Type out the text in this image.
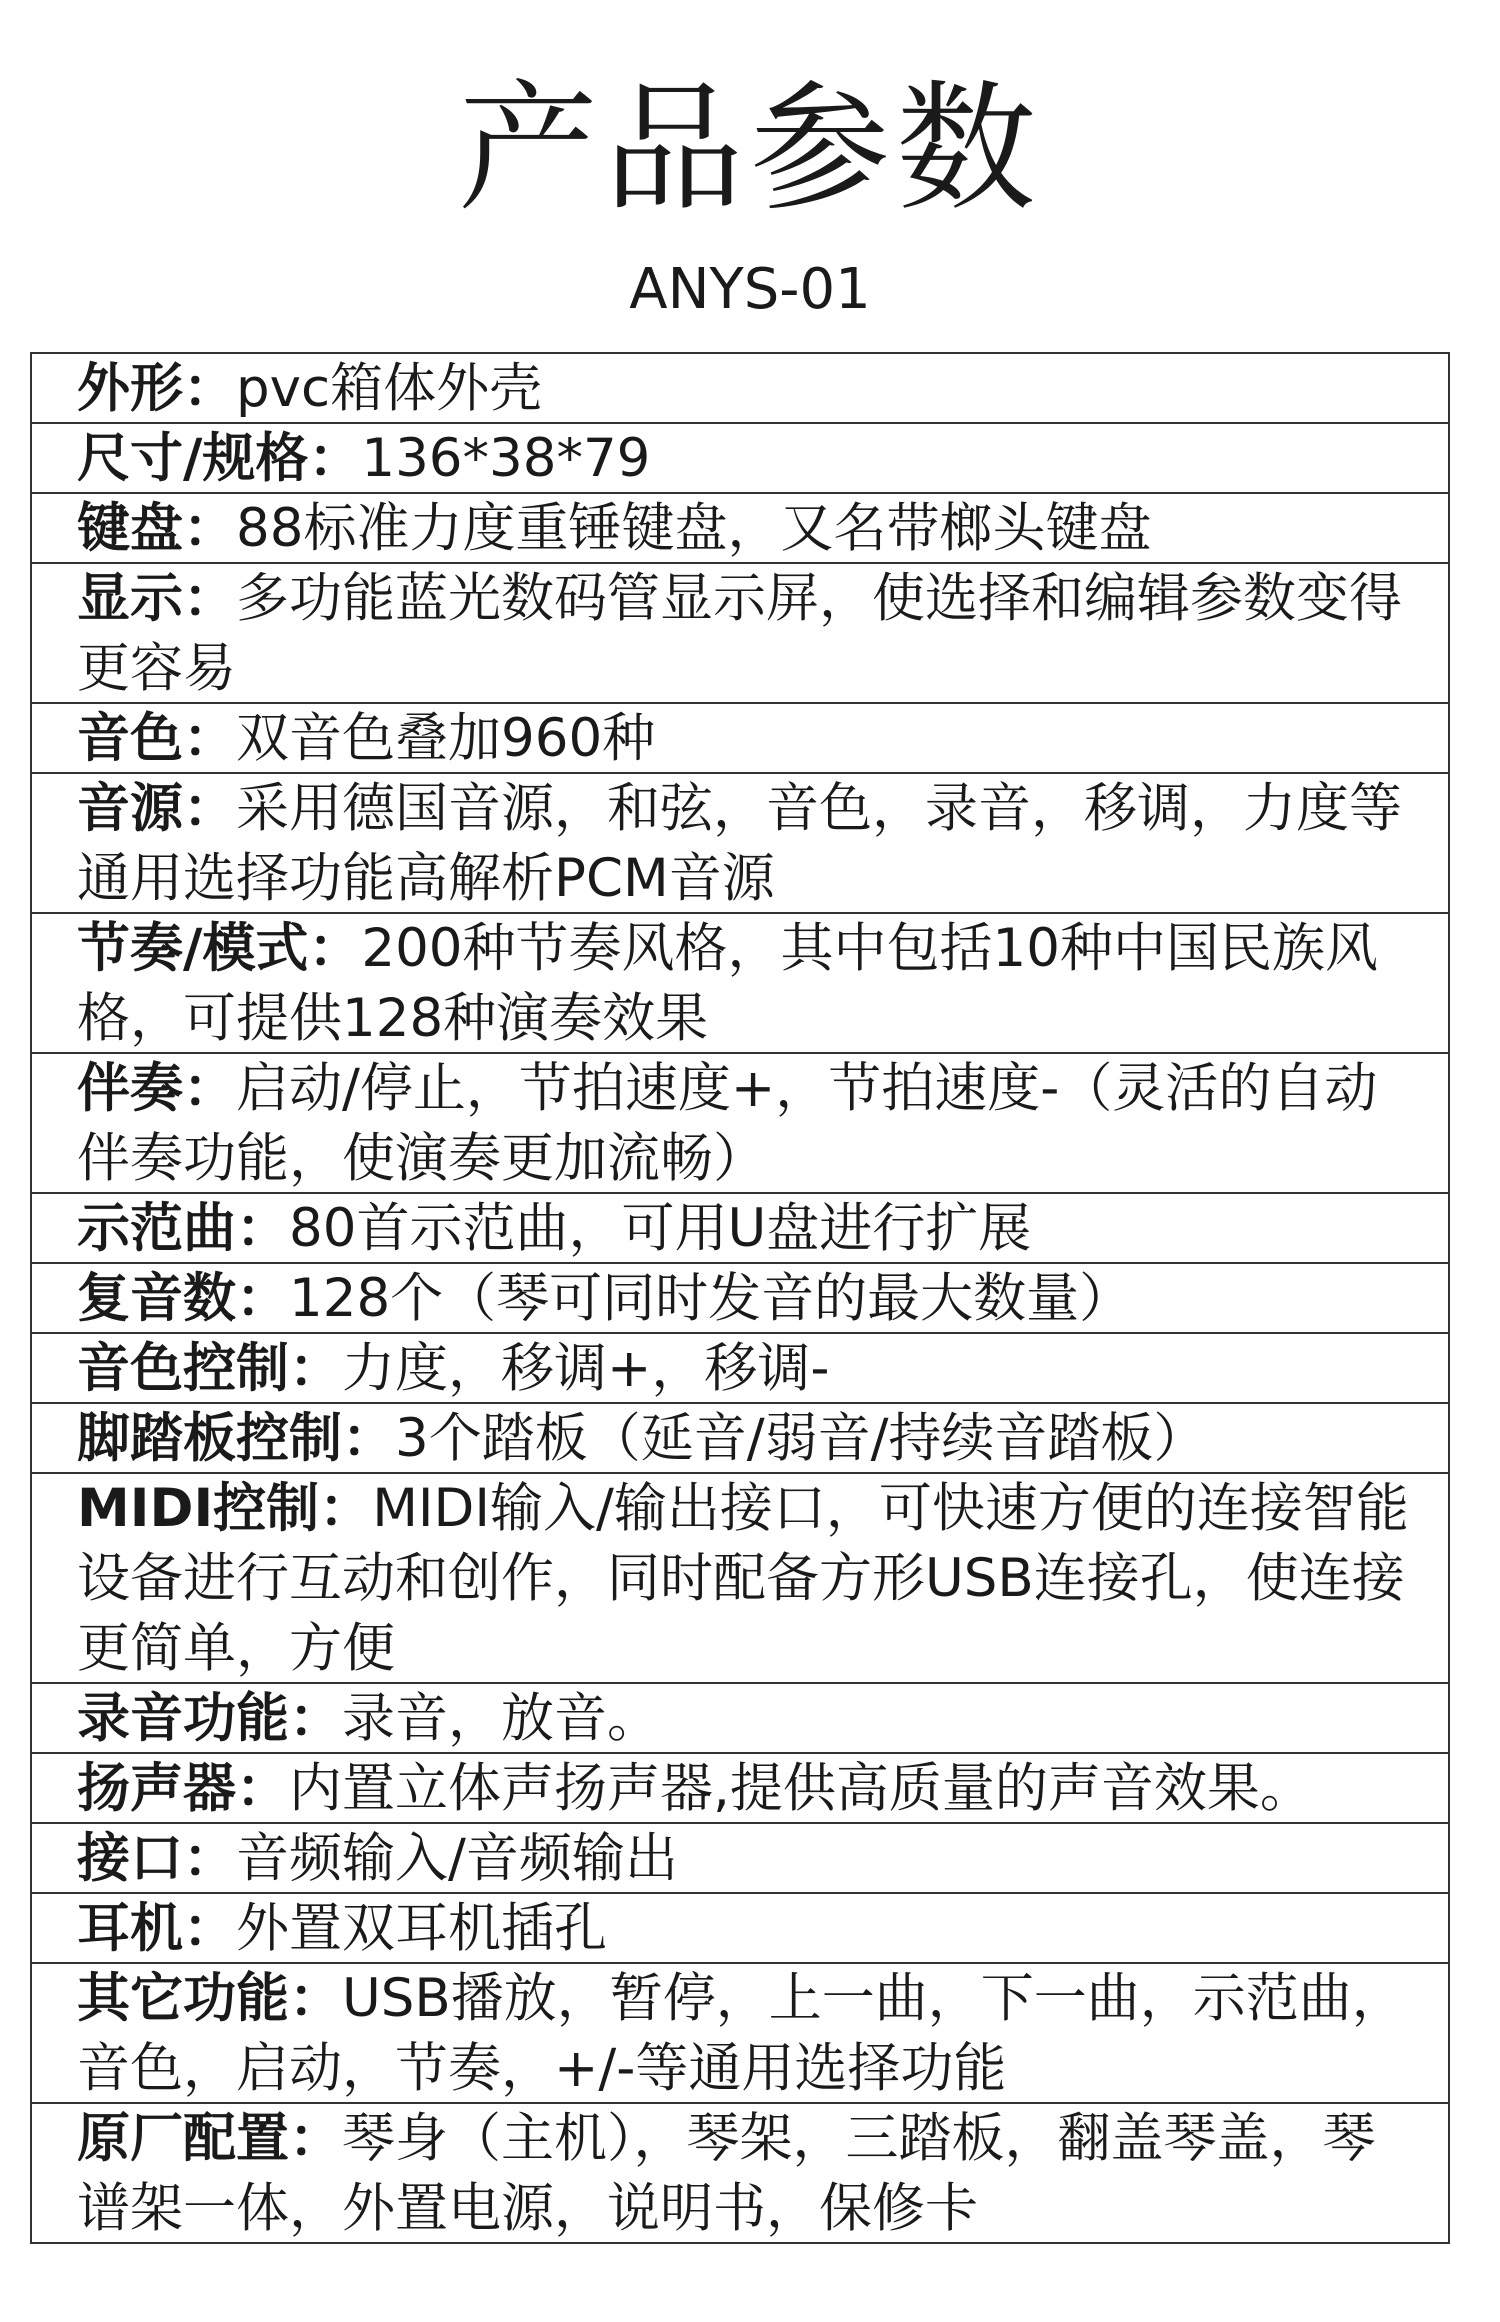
产品参数
ANYS-01
外形：pvc箱体外壳
尺寸/规格：136*38*79
键盘：88标准力度重锤键盘，又名带榔头键盘
显示：多功能蓝光数码管显示屏，使选择和编辑参数变得更容易
音色：双音色叠加960种
音源：采用德国音源，和弦，音色，录音，移调，力度等通用选择功能高解析PCM音源
节奏/模式：200种节奏风格，其中包括10种中国民族风格，可提供128种演奏效果
伴奏：启动/停止，节拍速度+，节拍速度-（灵活的自动伴奏功能，使演奏更加流畅）
示范曲：80首示范曲，可用U盘进行扩展
复音数：128个（琴可同时发音的最大数量）
音色控制：力度，移调+，移调-
脚踏板控制：3个踏板（延音/弱音/持续音踏板）
MIDI控制：MIDI输入/输出接口，可快速方便的连接智能设备进行互动和创作，同时配备方形USB连接孔，使连接更简单，方便
录音功能：录音，放音。
扬声器：内置立体声扬声器,提供高质量的声音效果。
接口：音频输入/音频输出
耳机：外置双耳机插孔
其它功能：USB播放，暂停，上一曲，下一曲，示范曲，音色，启动，节奏，+/-等通用选择功能
原厂配置：琴身（主机），琴架，三踏板，翻盖琴盖，琴谱架一体，外置电源，说明书，保修卡
